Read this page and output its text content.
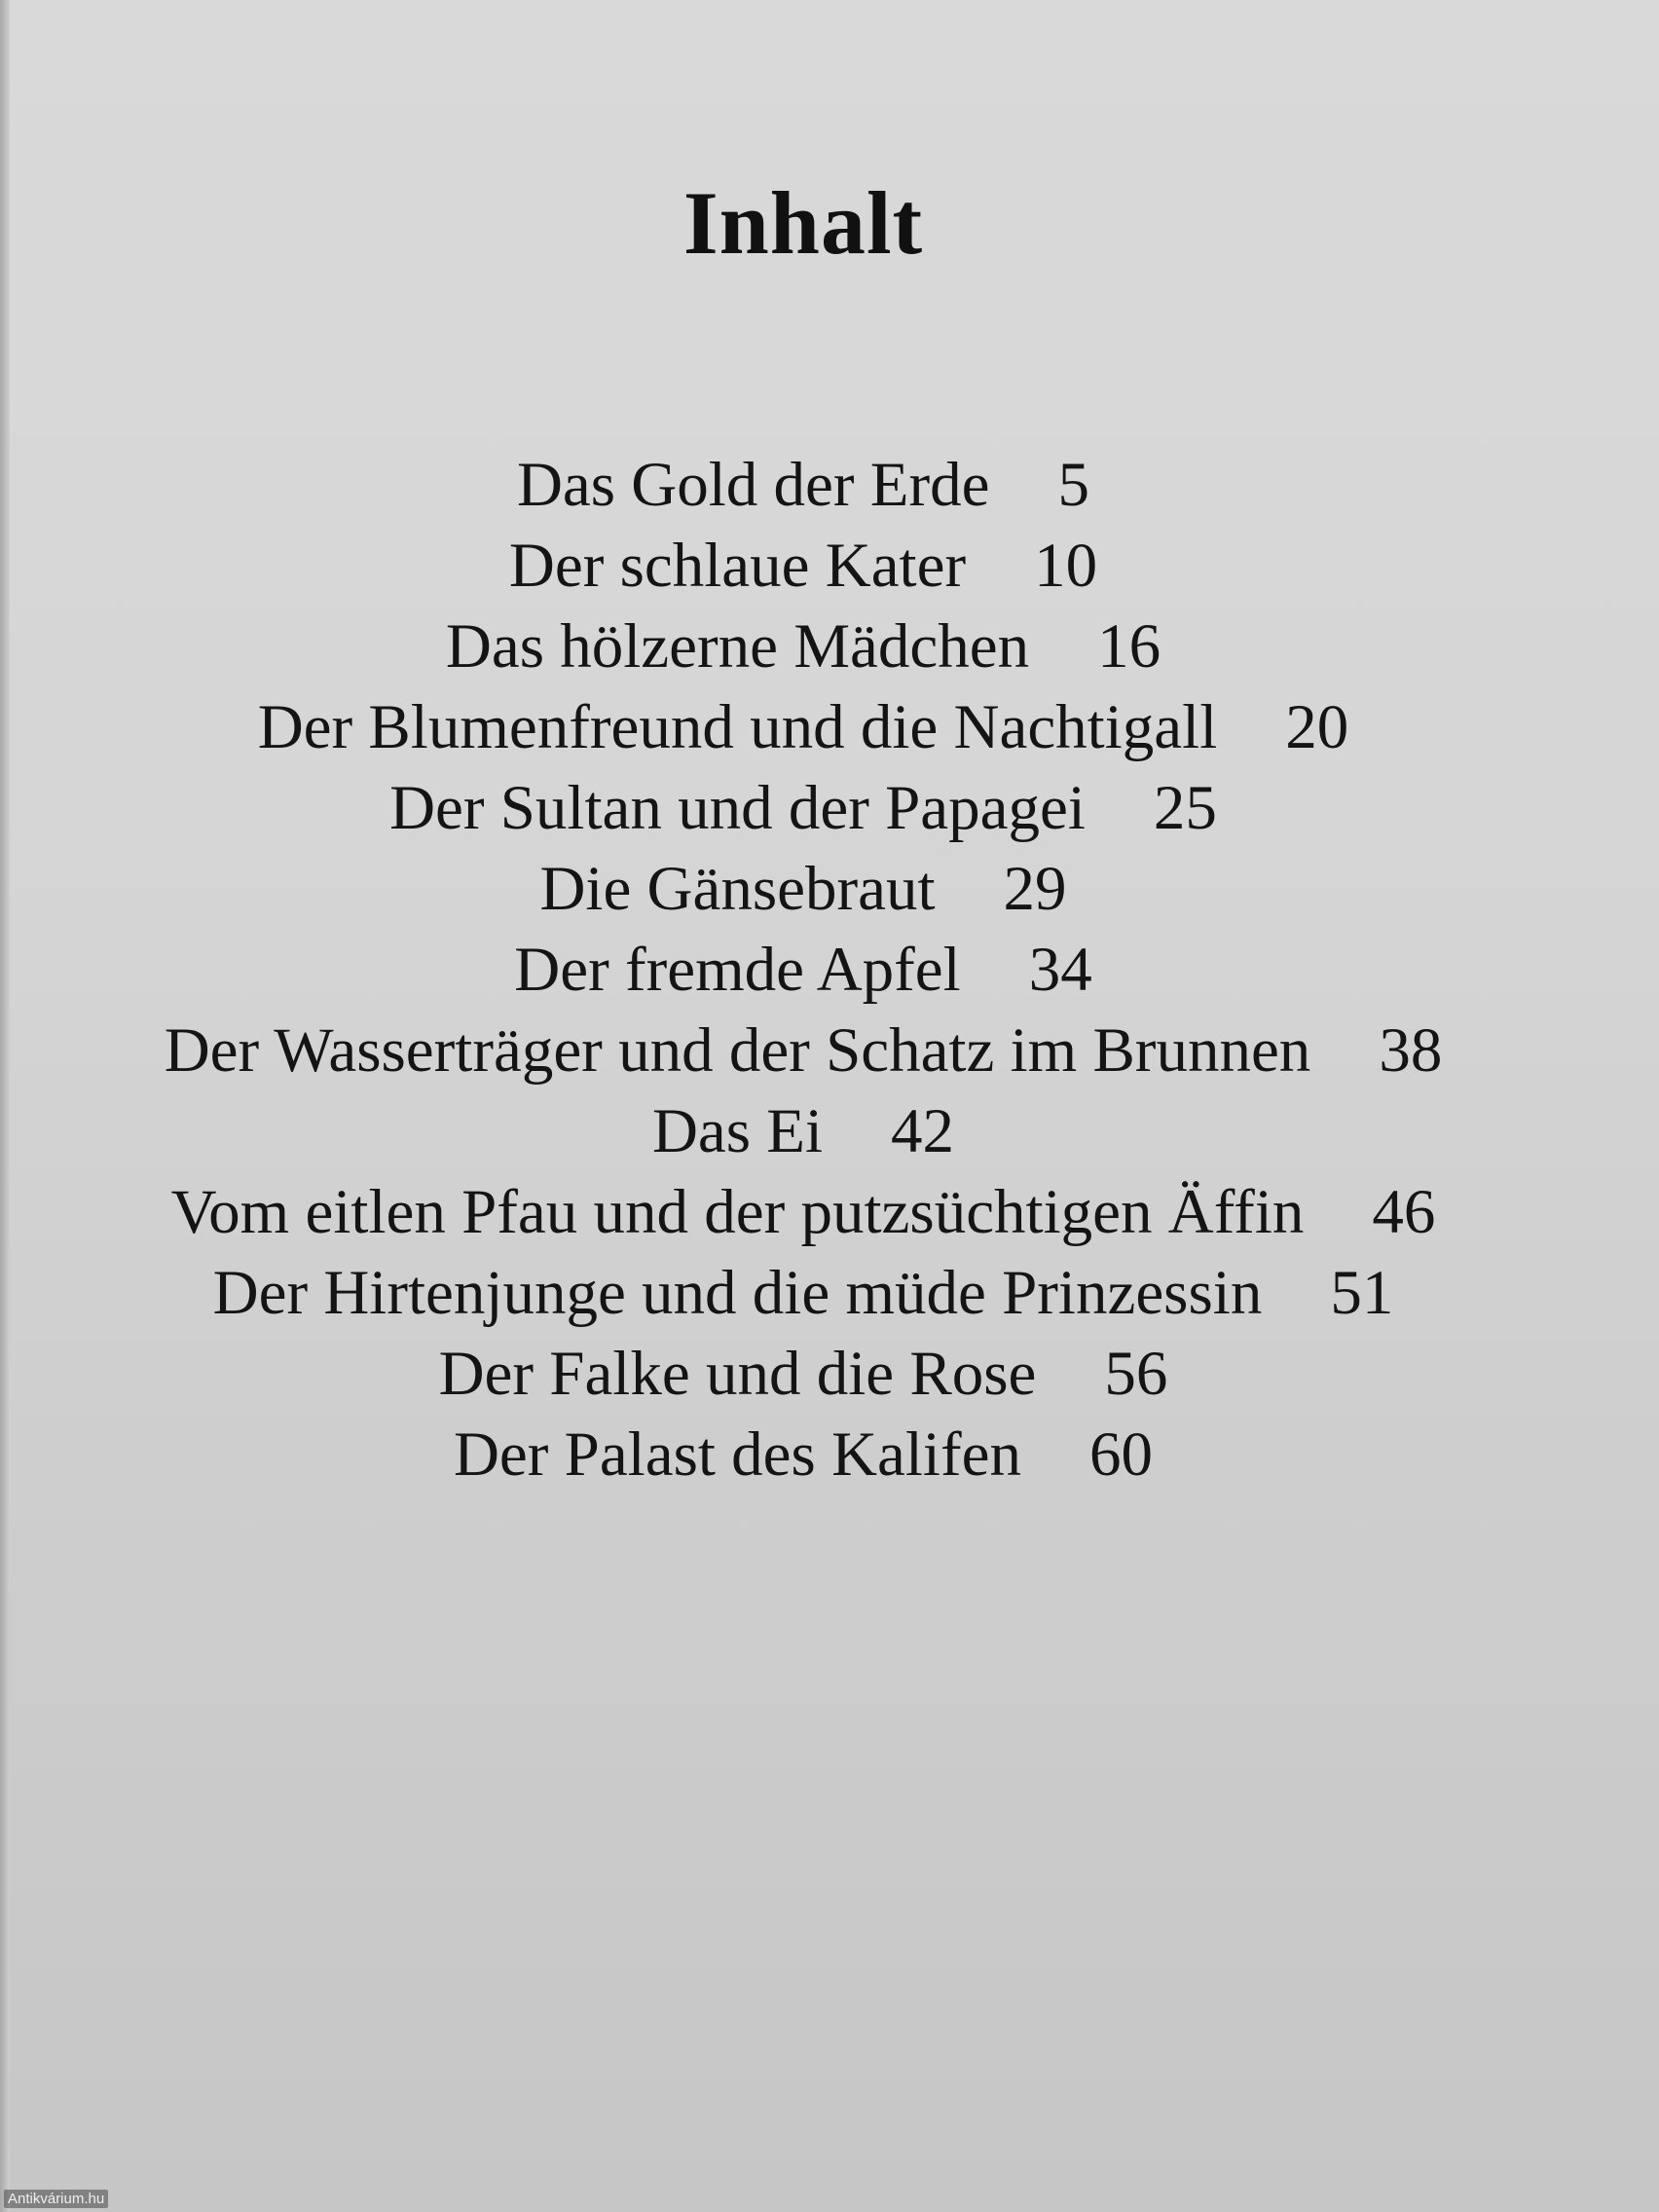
Inhalt
Das Gold der Erde 5
Der schlaue Kater 10
Das hölzerne Mädchen 16
Der Blumenfreund und die Nachtigall 20
Der Sultan und der Papagei 25
Die Gänsebraut 29
Der fremde Apfel 34
Der Wasserträger und der Schatz im Brunnen 38
Das Ei 42
Vom eitlen Pfau und der putzsüchtigen Äffin 46
Der Hirtenjunge und die müde Prinzessin 51
Der Falke und die Rose 56
Der Palast des Kalifen 60
Antikvárium.hu
